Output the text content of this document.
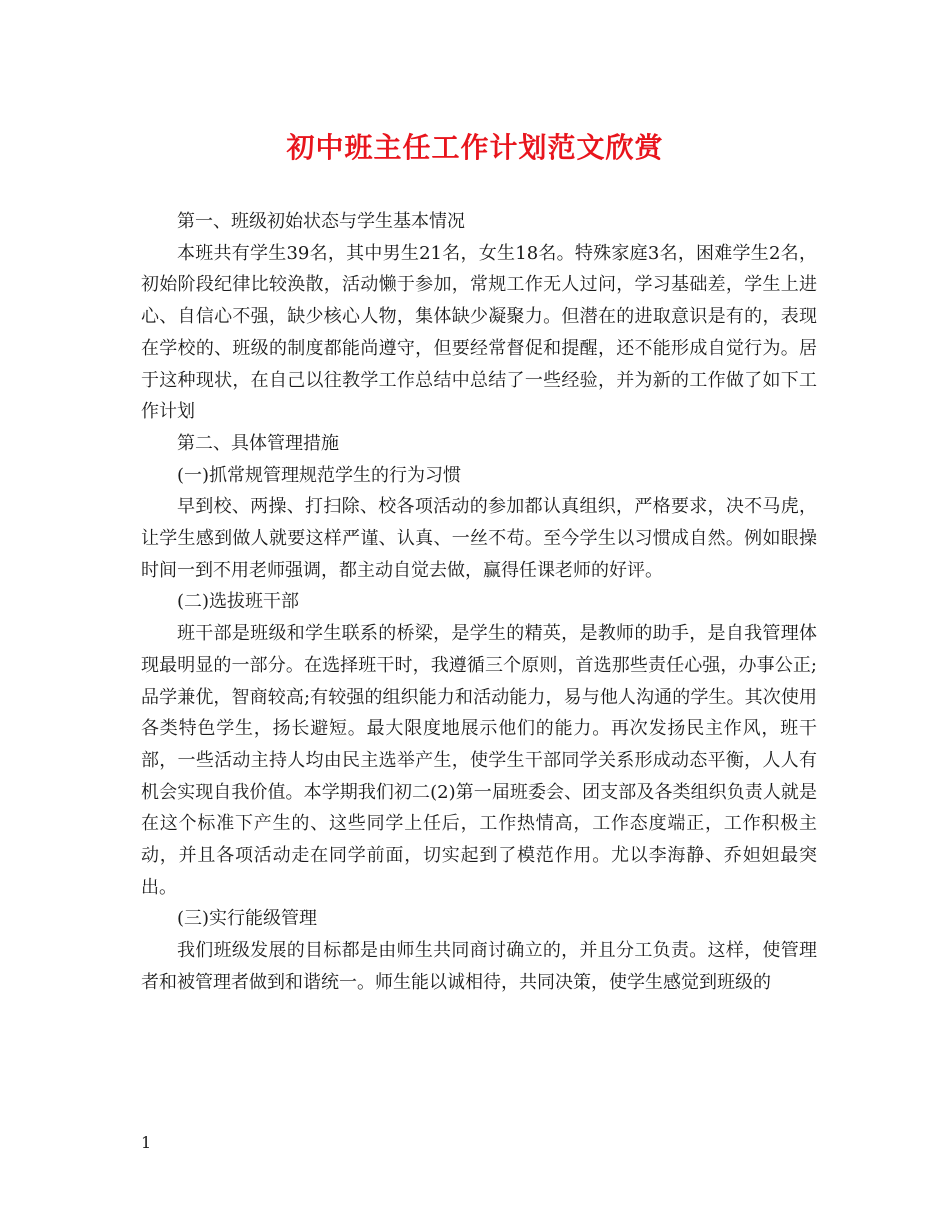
初中班主任工作计划范文欣赏

第一、班级初始状态与学生基本情况

本班共有学生39名，其中男生21名，女生18名。特殊家庭3名，困难学生2名，初始阶段纪律比较涣散，活动懒于参加，常规工作无人过问，学习基础差，学生上进心、自信心不强，缺少核心人物，集体缺少凝聚力。但潜在的进取意识是有的，表现在学校的、班级的制度都能尚遵守，但要经常督促和提醒，还不能形成自觉行为。居于这种现状，在自己以往教学工作总结中总结了一些经验，并为新的工作做了如下工作计划

第二、具体管理措施

(一)抓常规管理规范学生的行为习惯

早到校、两操、打扫除、校各项活动的参加都认真组织，严格要求，决不马虎，让学生感到做人就要这样严谨、认真、一丝不苟。至今学生以习惯成自然。例如眼操时间一到不用老师强调，都主动自觉去做，赢得任课老师的好评。

(二)选拔班干部

班干部是班级和学生联系的桥梁，是学生的精英，是教师的助手，是自我管理体现最明显的一部分。在选择班干时，我遵循三个原则，首选那些责任心强，办事公正;品学兼优，智商较高;有较强的组织能力和活动能力，易与他人沟通的学生。其次使用各类特色学生，扬长避短。最大限度地展示他们的能力。再次发扬民主作风，班干部，一些活动主持人均由民主选举产生，使学生干部同学关系形成动态平衡，人人有机会实现自我价值。本学期我们初二(2)第一届班委会、团支部及各类组织负责人就是在这个标准下产生的、这些同学上任后，工作热情高，工作态度端正，工作积极主动，并且各项活动走在同学前面，切实起到了模范作用。尤以李海静、乔妲妲最突出。

(三)实行能级管理

我们班级发展的目标都是由师生共同商讨确立的，并且分工负责。这样，使管理者和被管理者做到和谐统一。师生能以诚相待，共同决策，使学生感觉到班级的

1
